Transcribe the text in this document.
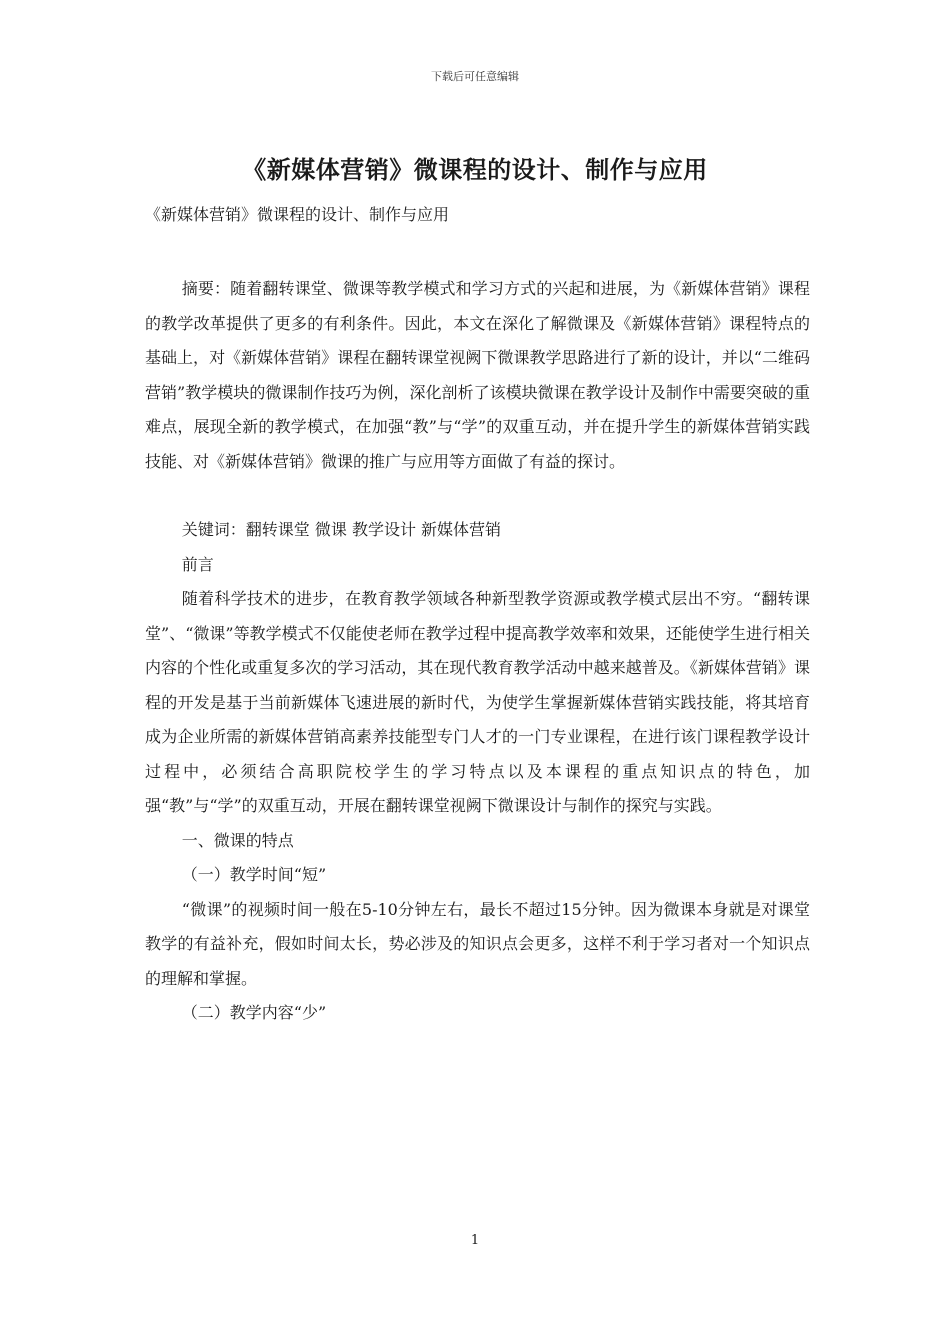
下载后可任意编辑
《新媒体营销》微课程的设计、制作与应用

《新媒体营销》微课程的设计、制作与应用

摘要：随着翻转课堂、微课等教学模式和学习方式的兴起和进展，为《新媒体营销》课程的教学改革提供了更多的有利条件。因此，本文在深化了解微课及《新媒体营销》课程特点的基础上，对《新媒体营销》课程在翻转课堂视阙下微课教学思路进行了新的设计，并以“二维码营销”教学模块的微课制作技巧为例，深化剖析了该模块微课在教学设计及制作中需要突破的重难点，展现全新的教学模式，在加强“教”与“学”的双重互动，并在提升学生的新媒体营销实践技能、对《新媒体营销》微课的推广与应用等方面做了有益的探讨。

关键词：翻转课堂 微课 教学设计 新媒体营销

前言

随着科学技术的进步，在教育教学领域各种新型教学资源或教学模式层出不穷。“翻转课堂”、“微课”等教学模式不仅能使老师在教学过程中提高教学效率和效果，还能使学生进行相关内容的个性化或重复多次的学习活动，其在现代教育教学活动中越来越普及。《新媒体营销》课程的开发是基于当前新媒体飞速进展的新时代，为使学生掌握新媒体营销实践技能，将其培育成为企业所需的新媒体营销高素养技能型专门人才的一门专业课程，在进行该门课程教学设计过程中，必须结合高职院校学生的学习特点以及本课程的重点知识点的特色，加强“教”与“学”的双重互动，开展在翻转课堂视阙下微课设计与制作的探究与实践。

一、微课的特点

（一）教学时间“短”

“微课”的视频时间一般在5-10分钟左右，最长不超过15分钟。因为微课本身就是对课堂教学的有益补充，假如时间太长，势必涉及的知识点会更多，这样不利于学习者对一个知识点的理解和掌握。

（二）教学内容“少”

1
